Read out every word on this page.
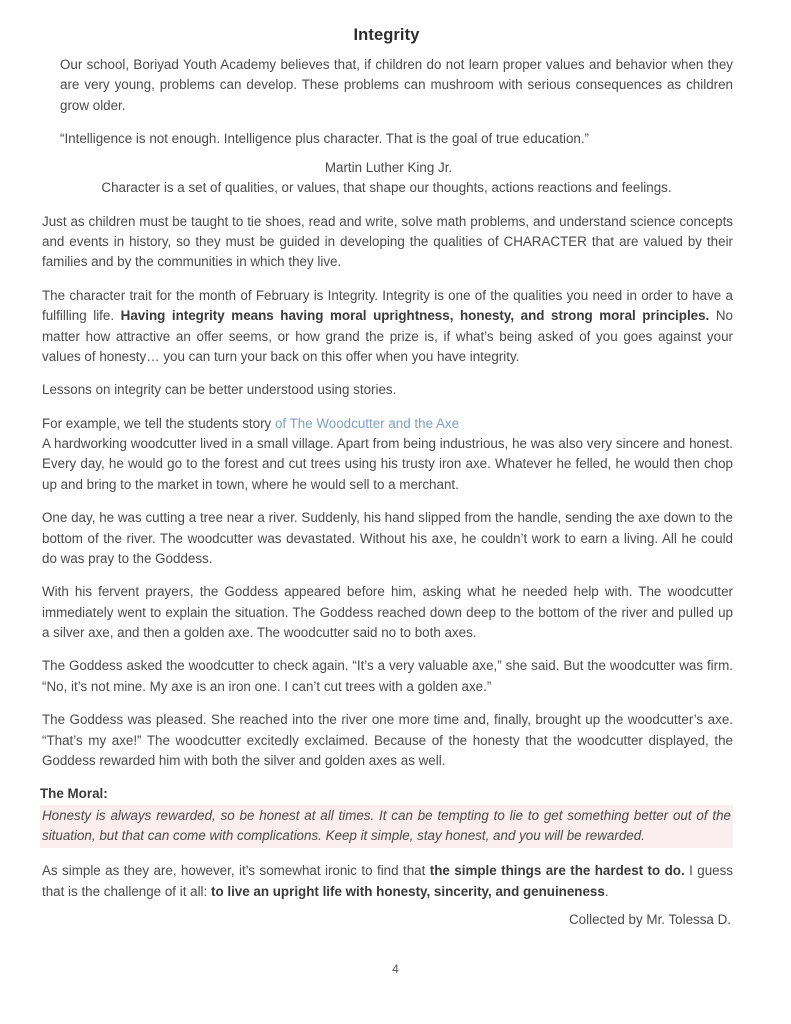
Integrity

Our school, Boriyad Youth Academy believes that, if children do not learn proper values and behavior when they are very young, problems can develop. These problems can mushroom with serious consequences as children grow older.

“Intelligence is not enough. Intelligence plus character. That is the goal of true education.”

Martin Luther King Jr.

Character is a set of qualities, or values, that shape our thoughts, actions reactions and feelings.

Just as children must be taught to tie shoes, read and write, solve math problems, and understand science concepts and events in history, so they must be guided in developing the qualities of CHARACTER that are valued by their families and by the communities in which they live.

The character trait for the month of February is Integrity. Integrity is one of the qualities you need in order to have a fulfilling life. Having integrity means having moral uprightness, honesty, and strong moral principles. No matter how attractive an offer seems, or how grand the prize is, if what’s being asked of you goes against your values of honesty… you can turn your back on this offer when you have integrity.

Lessons on integrity can be better understood using stories.

For example, we tell the students story of The Woodcutter and the Axe

A hardworking woodcutter lived in a small village. Apart from being industrious, he was also very sincere and honest. Every day, he would go to the forest and cut trees using his trusty iron axe. Whatever he felled, he would then chop up and bring to the market in town, where he would sell to a merchant.

One day, he was cutting a tree near a river. Suddenly, his hand slipped from the handle, sending the axe down to the bottom of the river. The woodcutter was devastated. Without his axe, he couldn’t work to earn a living. All he could do was pray to the Goddess.

With his fervent prayers, the Goddess appeared before him, asking what he needed help with. The woodcutter immediately went to explain the situation. The Goddess reached down deep to the bottom of the river and pulled up a silver axe, and then a golden axe. The woodcutter said no to both axes.

The Goddess asked the woodcutter to check again. “It’s a very valuable axe,” she said. But the woodcutter was firm. “No, it’s not mine. My axe is an iron one. I can’t cut trees with a golden axe.”

The Goddess was pleased. She reached into the river one more time and, finally, brought up the woodcutter’s axe. “That’s my axe!” The woodcutter excitedly exclaimed. Because of the honesty that the woodcutter displayed, the Goddess rewarded him with both the silver and golden axes as well.

The Moral:

Honesty is always rewarded, so be honest at all times. It can be tempting to lie to get something better out of the situation, but that can come with complications. Keep it simple, stay honest, and you will be rewarded.

As simple as they are, however, it’s somewhat ironic to find that the simple things are the hardest to do. I guess that is the challenge of it all: to live an upright life with honesty, sincerity, and genuineness.

Collected by Mr. Tolessa D.

4
